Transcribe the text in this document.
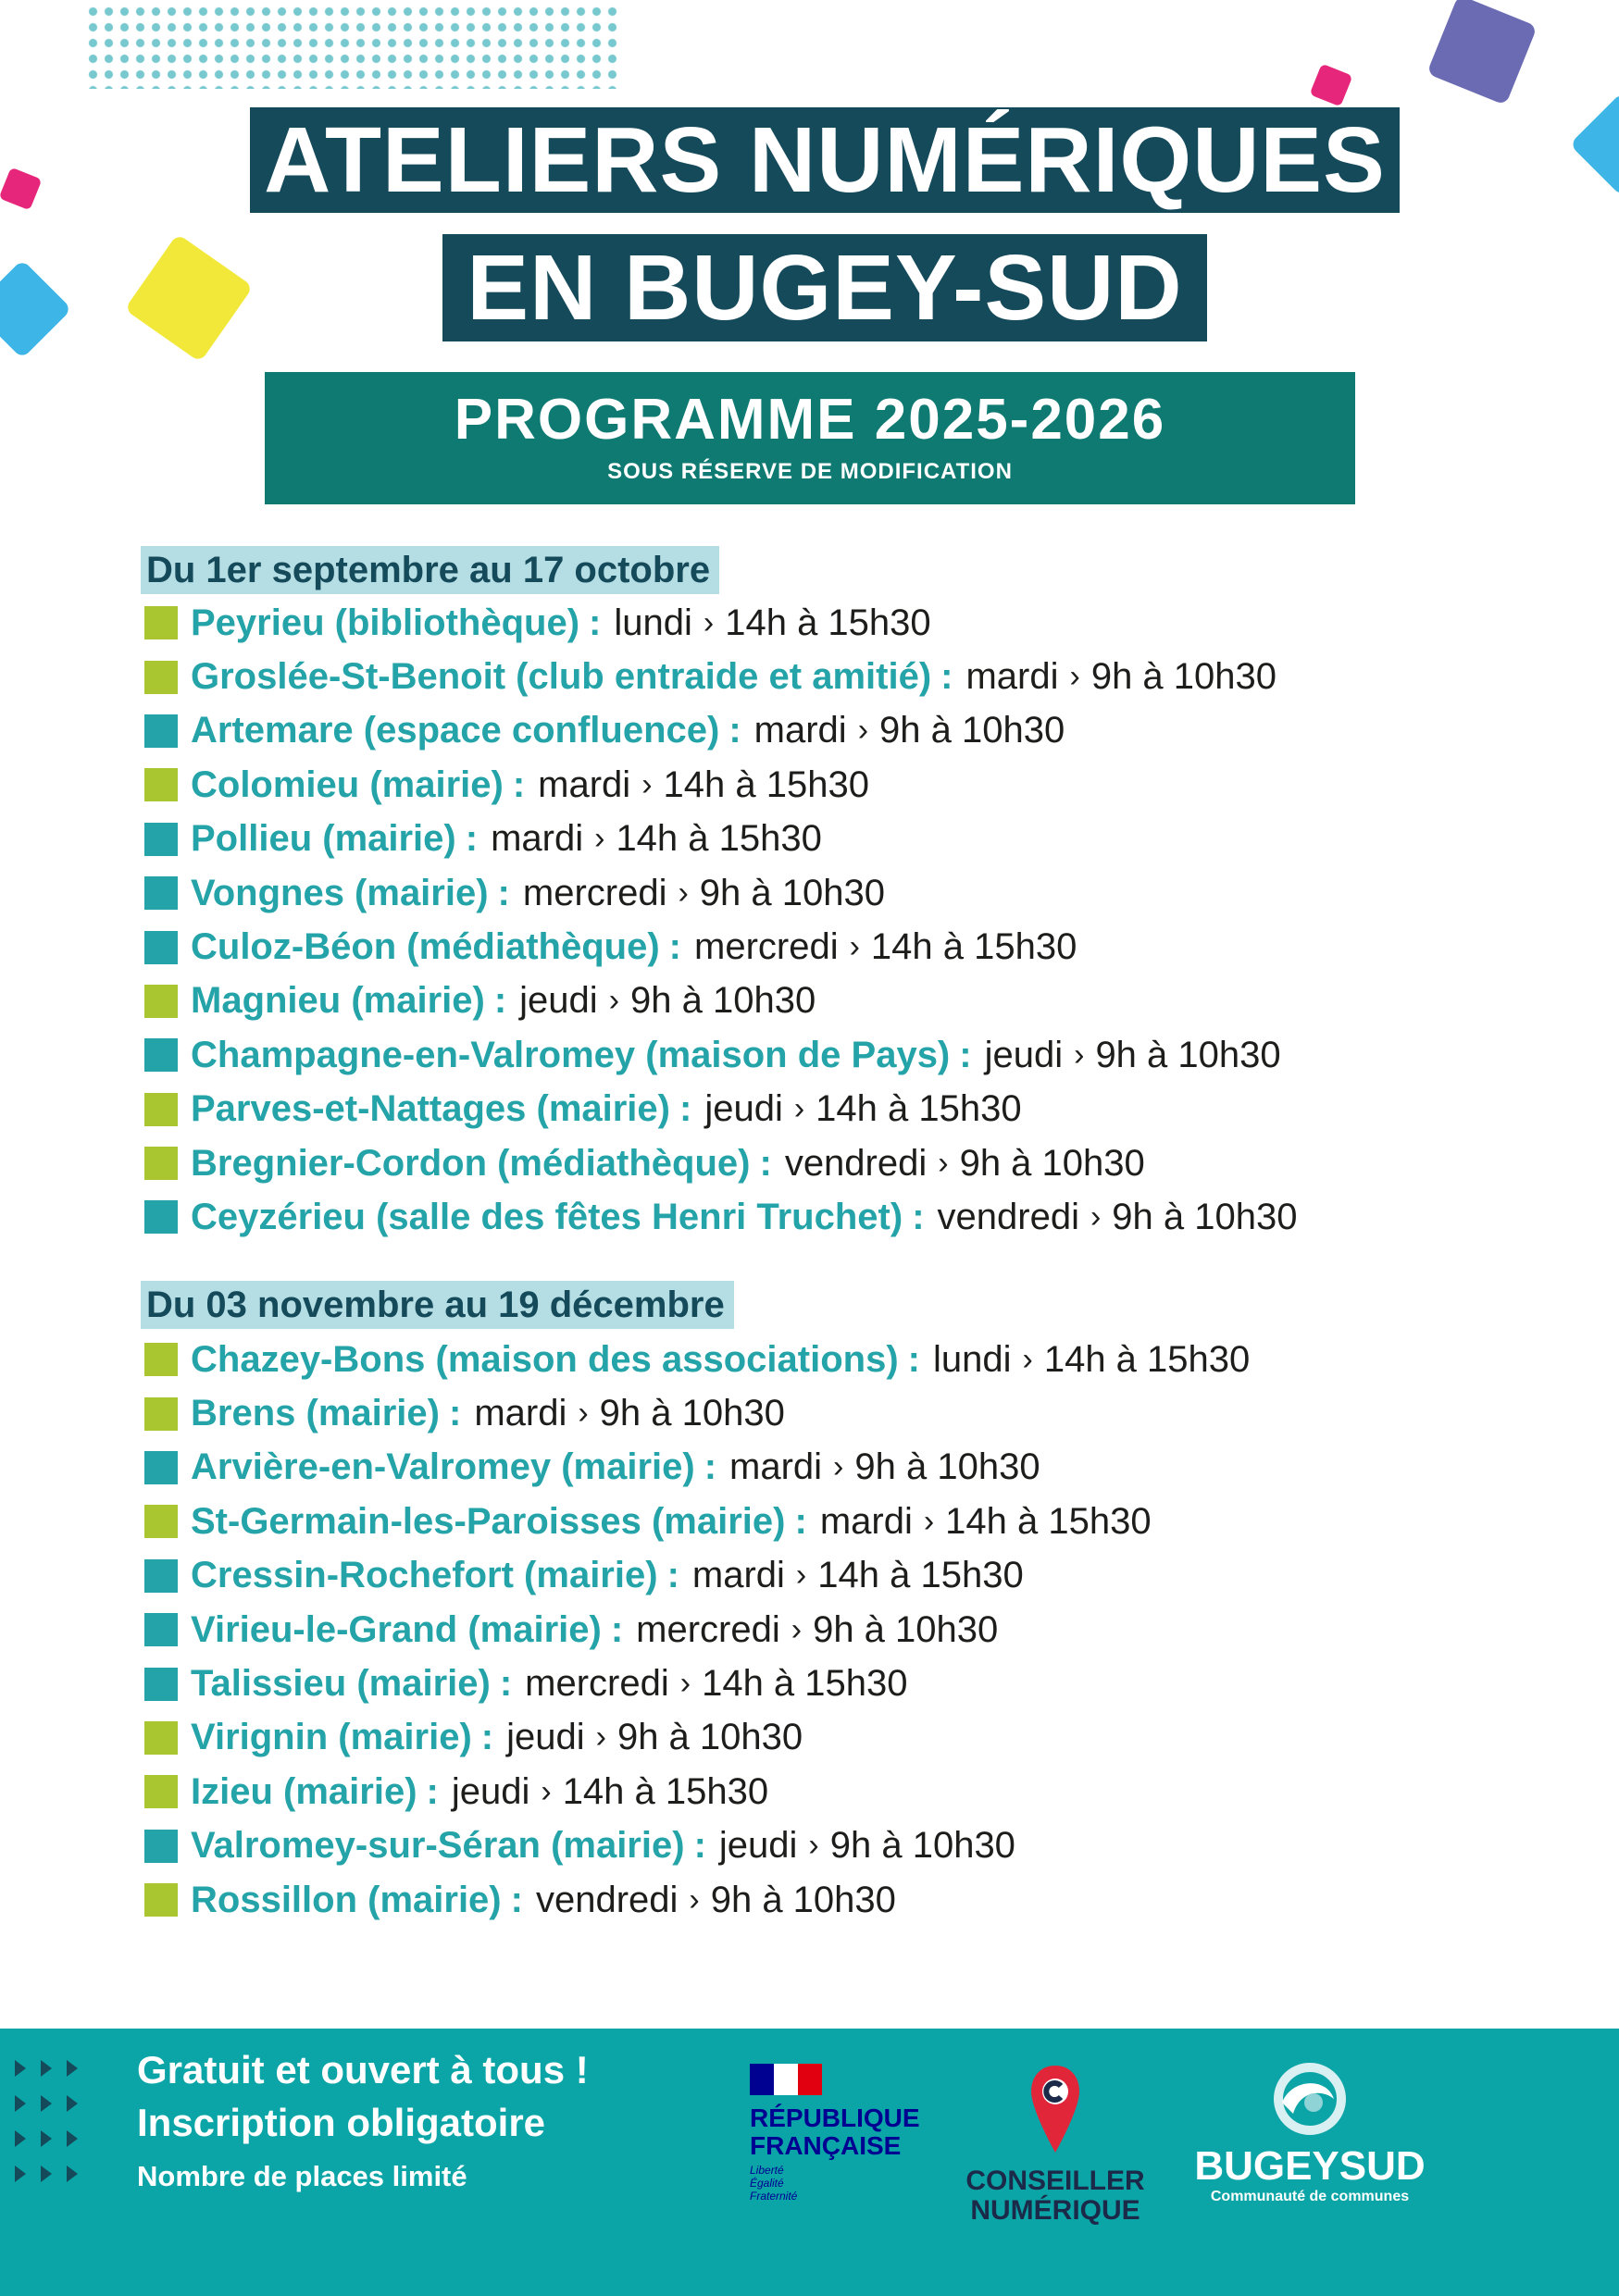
ATELIERS NUMÉRIQUES
EN BUGEY-SUD
PROGRAMME 2025-2026
SOUS RÉSERVE DE MODIFICATION
Du 1er septembre au 17 octobre
Peyrieu (bibliothèque) : lundi › 14h à 15h30
Groslée-St-Benoit (club entraide et amitié) : mardi › 9h à 10h30
Artemare (espace confluence) : mardi › 9h à 10h30
Colomieu (mairie) : mardi › 14h à 15h30
Pollieu (mairie) : mardi › 14h à 15h30
Vongnes (mairie) : mercredi › 9h à 10h30
Culoz-Béon (médiathèque) : mercredi › 14h à 15h30
Magnieu (mairie) : jeudi › 9h à 10h30
Champagne-en-Valromey (maison de Pays) : jeudi › 9h à 10h30
Parves-et-Nattages (mairie) : jeudi › 14h à 15h30
Bregnier-Cordon (médiathèque) : vendredi › 9h à 10h30
Ceyzérieu (salle des fêtes Henri Truchet) : vendredi › 9h à 10h30
Du 03 novembre au 19 décembre
Chazey-Bons (maison des associations) : lundi › 14h à 15h30
Brens (mairie) : mardi › 9h à 10h30
Arvière-en-Valromey (mairie) : mardi › 9h à 10h30
St-Germain-les-Paroisses (mairie) : mardi › 14h à 15h30
Cressin-Rochefort (mairie) : mardi › 14h à 15h30
Virieu-le-Grand (mairie) : mercredi › 9h à 10h30
Talissieu (mairie) : mercredi › 14h à 15h30
Virignin (mairie) : jeudi › 9h à 10h30
Izieu (mairie) : jeudi › 14h à 15h30
Valromey-sur-Séran (mairie) : jeudi › 9h à 10h30
Rossillon (mairie) : vendredi › 9h à 10h30
Gratuit et ouvert à tous !
Inscription obligatoire
Nombre de places limité
RÉPUBLIQUE
FRANÇAISE
Liberté
Égalité
Fraternité	CONSEILLER
NUMÉRIQUE
BUGEYSUD
Communauté de communes
